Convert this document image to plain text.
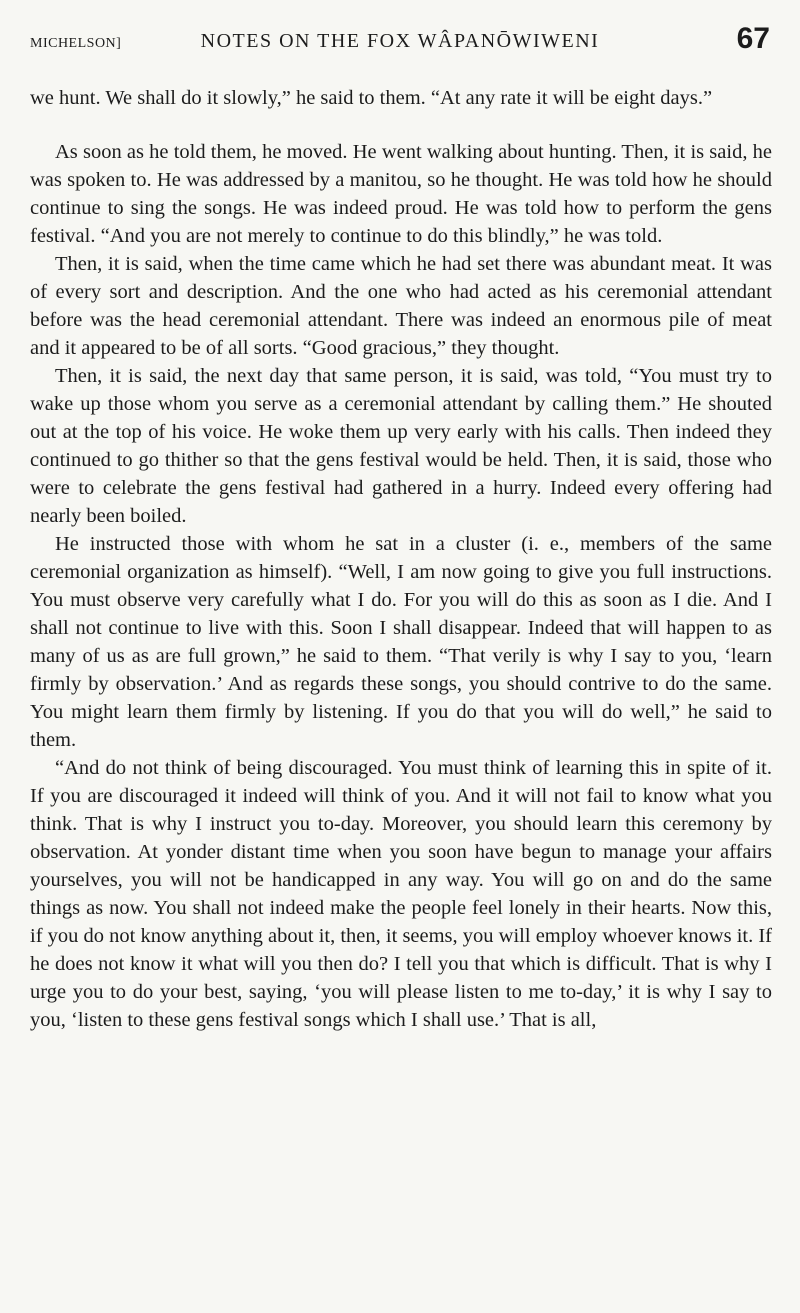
MICHELSON]	NOTES ON THE FOX WÂPANŌWIWENI	67

we hunt. We shall do it slowly,” he said to them. “At any rate it will be eight days.”

As soon as he told them, he moved. He went walking about hunting. Then, it is said, he was spoken to. He was addressed by a manitou, so he thought. He was told how he should continue to sing the songs. He was indeed proud. He was told how to perform the gens festival. “And you are not merely to continue to do this blindly,” he was told.

Then, it is said, when the time came which he had set there was abundant meat. It was of every sort and description. And the one who had acted as his ceremonial attendant before was the head ceremonial attendant. There was indeed an enormous pile of meat and it appeared to be of all sorts. “Good gracious,” they thought.

Then, it is said, the next day that same person, it is said, was told, “You must try to wake up those whom you serve as a ceremonial attendant by calling them.” He shouted out at the top of his voice. He woke them up very early with his calls. Then indeed they continued to go thither so that the gens festival would be held. Then, it is said, those who were to celebrate the gens festival had gathered in a hurry. Indeed every offering had nearly been boiled.

He instructed those with whom he sat in a cluster (i. e., members of the same ceremonial organization as himself). “Well, I am now going to give you full instructions. You must observe very carefully what I do. For you will do this as soon as I die. And I shall not continue to live with this. Soon I shall disappear. Indeed that will happen to as many of us as are full grown,” he said to them. “That verily is why I say to you, ‘learn firmly by observation.’ And as regards these songs, you should contrive to do the same. You might learn them firmly by listening. If you do that you will do well,” he said to them.

“And do not think of being discouraged. You must think of learning this in spite of it. If you are discouraged it indeed will think of you. And it will not fail to know what you think. That is why I instruct you to-day. Moreover, you should learn this ceremony by observation. At yonder distant time when you soon have begun to manage your affairs yourselves, you will not be handicapped in any way. You will go on and do the same things as now. You shall not indeed make the people feel lonely in their hearts. Now this, if you do not know anything about it, then, it seems, you will employ whoever knows it. If he does not know it what will you then do? I tell you that which is difficult. That is why I urge you to do your best, saying, ‘you will please listen to me to-day,’ it is why I say to you, ‘listen to these gens festival songs which I shall use.’ That is all,
